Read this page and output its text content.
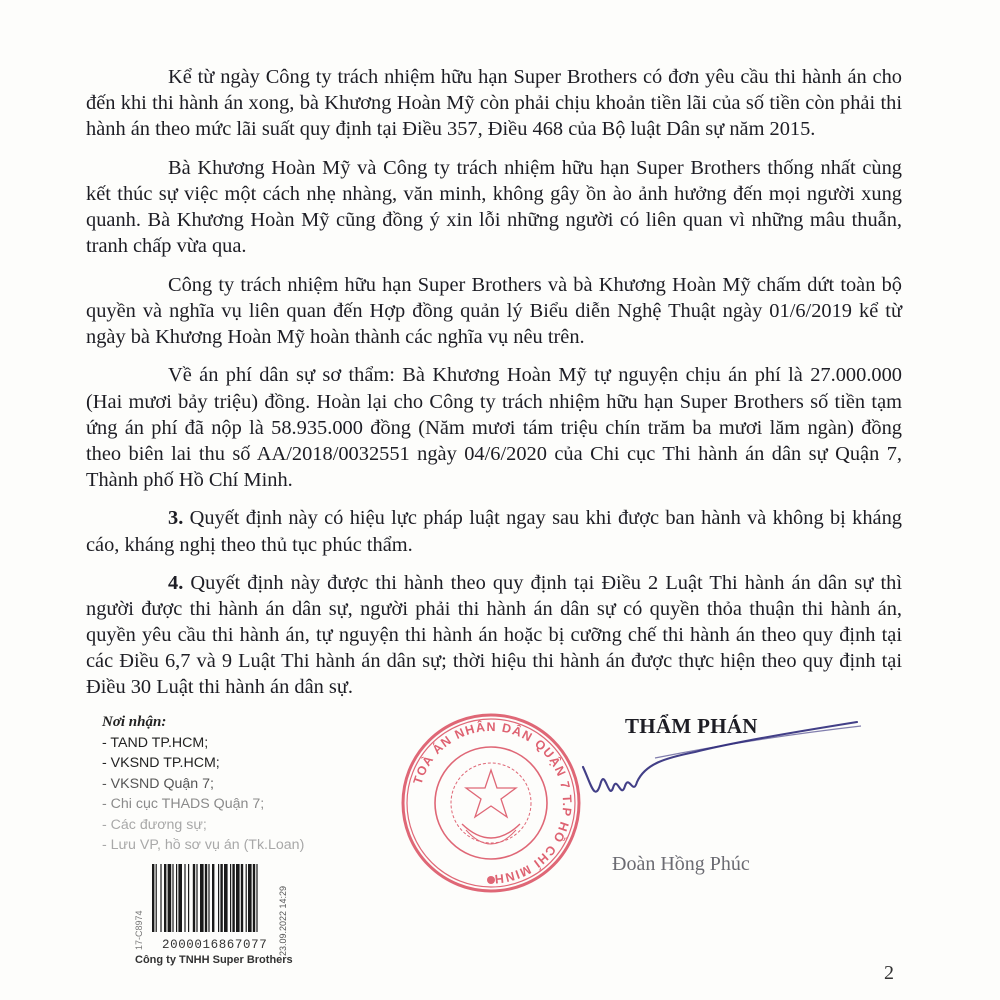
Kể từ ngày Công ty trách nhiệm hữu hạn Super Brothers có đơn yêu cầu thi hành án cho đến khi thi hành án xong, bà Khương Hoàn Mỹ còn phải chịu khoản tiền lãi của số tiền còn phải thi hành án theo mức lãi suất quy định tại Điều 357, Điều 468 của Bộ luật Dân sự năm 2015.

Bà Khương Hoàn Mỹ và Công ty trách nhiệm hữu hạn Super Brothers thống nhất cùng kết thúc sự việc một cách nhẹ nhàng, văn minh, không gây ồn ào ảnh hưởng đến mọi người xung quanh. Bà Khương Hoàn Mỹ cũng đồng ý xin lỗi những người có liên quan vì những mâu thuẫn, tranh chấp vừa qua.

Công ty trách nhiệm hữu hạn Super Brothers và bà Khương Hoàn Mỹ chấm dứt toàn bộ quyền và nghĩa vụ liên quan đến Hợp đồng quản lý Biểu diễn Nghệ Thuật ngày 01/6/2019 kể từ ngày bà Khương Hoàn Mỹ hoàn thành các nghĩa vụ nêu trên.

Về án phí dân sự sơ thẩm: Bà Khương Hoàn Mỹ tự nguyện chịu án phí là 27.000.000 (Hai mươi bảy triệu) đồng. Hoàn lại cho Công ty trách nhiệm hữu hạn Super Brothers số tiền tạm ứng án phí đã nộp là 58.935.000 đồng (Năm mươi tám triệu chín trăm ba mươi lăm ngàn) đồng theo biên lai thu số AA/2018/0032551 ngày 04/6/2020 của Chi cục Thi hành án dân sự Quận 7, Thành phố Hồ Chí Minh.

3. Quyết định này có hiệu lực pháp luật ngay sau khi được ban hành và không bị kháng cáo, kháng nghị theo thủ tục phúc thẩm.

4. Quyết định này được thi hành theo quy định tại Điều 2 Luật Thi hành án dân sự thì người được thi hành án dân sự, người phải thi hành án dân sự có quyền thỏa thuận thi hành án, quyền yêu cầu thi hành án, tự nguyện thi hành án hoặc bị cưỡng chế thi hành án theo quy định tại các Điều 6,7 và 9 Luật Thi hành án dân sự; thời hiệu thi hành án được thực hiện theo quy định tại Điều 30 Luật thi hành án dân sự.

Nơi nhận:
- TAND TP.HCM;
- VKSND TP.HCM;
- VKSND Quận 7;
- Chi cục THADS Quận 7;
- Các đương sự;
- Lưu VP, hồ sơ vụ án (Tk.Loan)
TOÀ ÁN NHÂN DÂN QUẬN 7 T.P HỒ CHÍ MINH
THẨM PHÁN
Đoàn Hồng Phúc
2000016867077 23.09.2022 14:29
17-C8974
Công ty TNHH Super Brothers
2
